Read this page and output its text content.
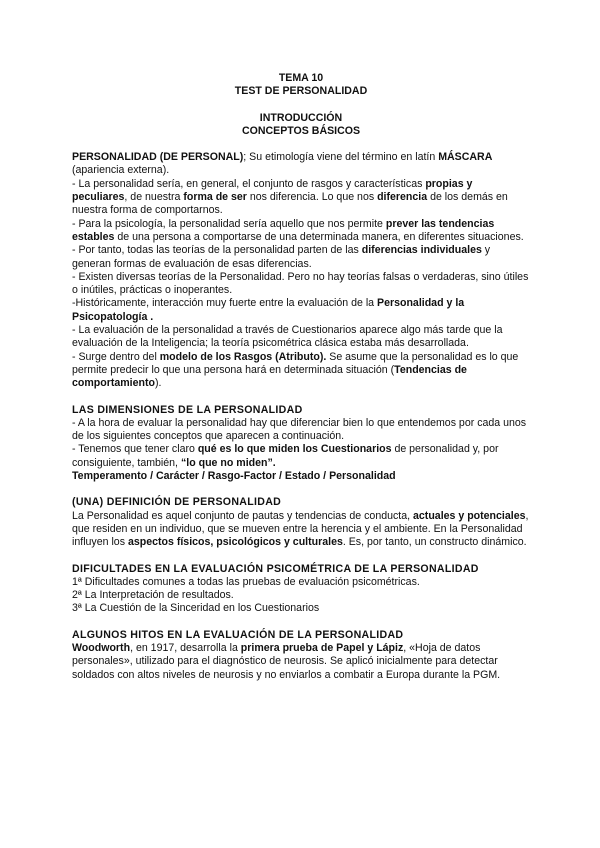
TEMA 10

TEST DE PERSONALIDAD

INTRODUCCIÓN

CONCEPTOS BÁSICOS

PERSONALIDAD (DE PERSONAL); Su etimología viene del término en latín MÁSCARA (apariencia externa).

- La personalidad sería, en general, el conjunto de rasgos y características propias y peculiares, de nuestra forma de ser nos diferencia. Lo que nos diferencia de los demás en nuestra forma de comportarnos.

- Para la psicología, la personalidad sería aquello que nos permite prever las tendencias estables de una persona a comportarse de una determinada manera, en diferentes situaciones.

- Por tanto, todas las teorías de la personalidad parten de las diferencias individuales y generan formas de evaluación de esas diferencias.

- Existen diversas teorías de la Personalidad. Pero no hay teorías falsas o verdaderas, sino útiles o inútiles, prácticas o inoperantes.

-Históricamente, interacción muy fuerte entre la evaluación de la Personalidad y la Psicopatología .

- La evaluación de la personalidad a través de Cuestionarios aparece algo más tarde que la evaluación de la Inteligencia; la teoría psicométrica clásica estaba más desarrollada.

- Surge dentro del modelo de los Rasgos (Atributo). Se asume que la personalidad es lo que permite predecir lo que una persona hará en determinada situación (Tendencias de comportamiento).

LAS DIMENSIONES DE LA PERSONALIDAD

- A la hora de evaluar la personalidad hay que diferenciar bien lo que entendemos por cada unos de los siguientes conceptos que aparecen a continuación.

- Tenemos que tener claro qué es lo que miden los Cuestionarios de personalidad y, por consiguiente, también, “lo que no miden”.

Temperamento / Carácter / Rasgo-Factor / Estado / Personalidad

(UNA) DEFINICIÓN DE PERSONALIDAD

La Personalidad es aquel conjunto de pautas y tendencias de conducta, actuales y potenciales, que residen en un individuo, que se mueven entre la herencia y el ambiente. En la Personalidad influyen los aspectos físicos, psicológicos y culturales. Es, por tanto, un constructo dinámico.

DIFICULTADES EN LA EVALUACIÓN PSICOMÉTRICA DE LA PERSONALIDAD

1ª Dificultades comunes a todas las pruebas de evaluación psicométricas.

2ª La Interpretación de resultados.

3ª La Cuestión de la Sinceridad en los Cuestionarios

ALGUNOS HITOS EN LA EVALUACIÓN DE LA PERSONALIDAD

Woodworth, en 1917, desarrolla la primera prueba de Papel y Lápiz, «Hoja de datos personales», utilizado para el diagnóstico de neurosis. Se aplicó inicialmente para detectar soldados con altos niveles de neurosis y no enviarlos a combatir a Europa durante la PGM.
